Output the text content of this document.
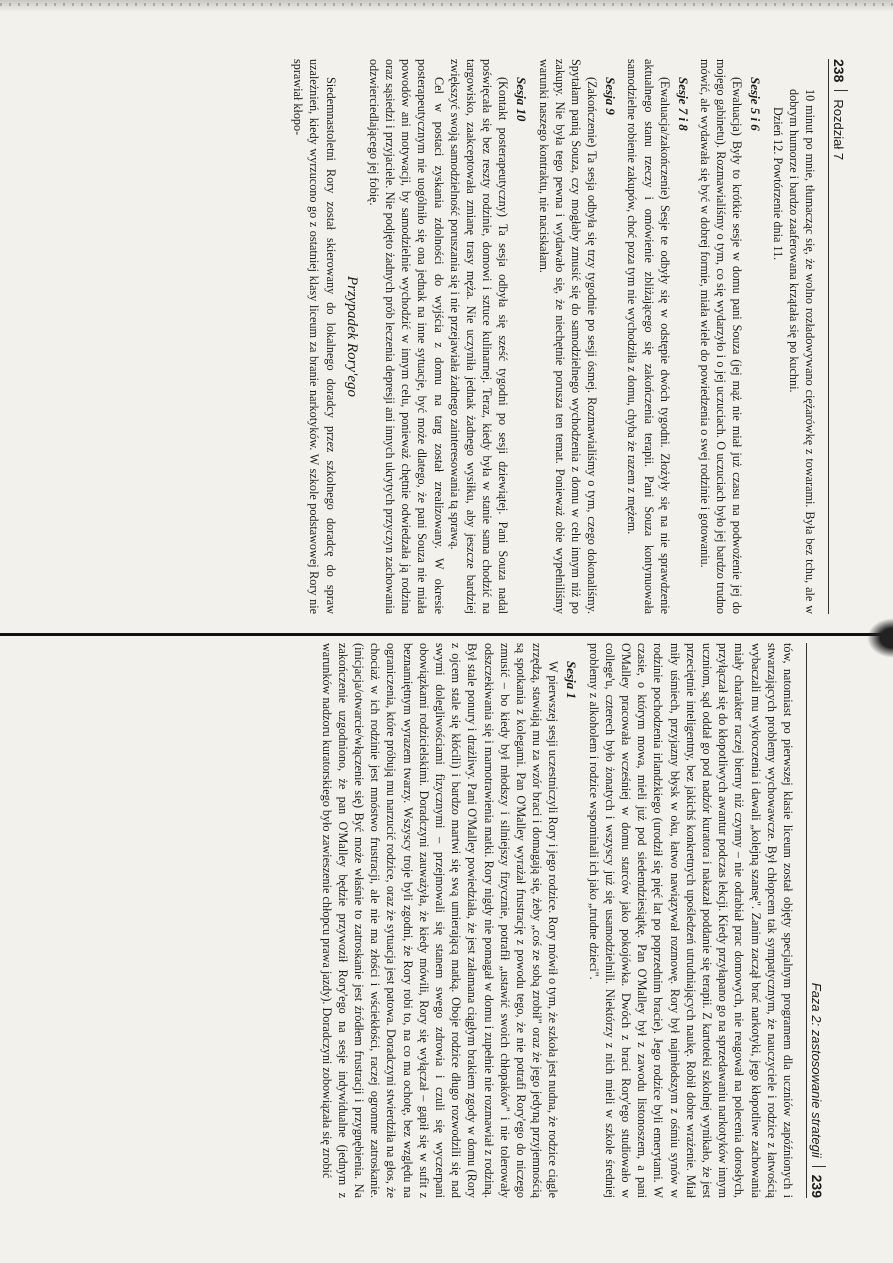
238
Rozdział 7

10 minut po mnie, tłumacząc się, że wolno rozładowywano ciężarówkę z towarami. Była bez tchu, ale w dobrym humorze i bardzo zaaferowana krzątała się po kuchni.

Dzień 12. Powtórzenie dnia 11.

Sesje 5 i 6

(Ewaluacja) Były to krótkie sesje w domu pani Souza (jej mąż nie miał już czasu na podwożenie jej do mojego gabinetu). Rozmawialiśmy o tym, co się wydarzyło i o jej uczuciach. O uczuciach było jej bardzo trudno mówić, ale wydawała się być w dobrej formie, miała wiele do powiedzenia o swej rodzinie i gotowaniu.

Sesje 7 i 8

(Ewaluacja/zakończenie) Sesje te odbyły się w odstępie dwóch tygodni. Złożyły się na nie sprawdzenie aktualnego stanu rzeczy i omówienie zbliżającego się zakończenia terapii. Pani Souza kontynuowała samodzielne robienie zakupów, choć poza tym nie wychodziła z domu, chyba że razem z mężem.

Sesja 9

(Zakończenie) Ta sesja odbyła się trzy tygodnie po sesji ósmej. Rozmawialiśmy o tym, czego dokonaliśmy. Spytałam panią Souza, czy mogłaby zmusić się do samodzielnego wychodzenia z domu w celu innym niż po zakupy. Nie była tego pewna i wydawało się, że niechętnie porusza ten temat. Ponieważ obie wypełniliśmy warunki naszego kontraktu, nie naciskałam.

Sesja 10

(Kontakt posterapeutyczny) Ta sesja odbyła się sześć tygodni po sesji dziewiątej. Pani Souza nadal poświęcała się bez reszty rodzinie, domowi i sztuce kulinarnej. Teraz, kiedy była w stanie sama chodzić na targowisko, zaakceptowała zmianę trasy męża. Nie uczyniła jednak żadnego wysiłku, aby jeszcze bardziej zwiększyć swoją samodzielność poruszania się i nie przejawiała żadnego zainteresowania tą sprawą.

Cel w postaci zyskania zdolności do wyjścia z domu na targ został zrealizowany. W okresie posterapeutycznym nie uogólniło się ona jednak na inne sytuacje, być może dlatego, że pani Souza nie miała powodów ani motywacji, by samodzielnie wychodzić w innym celu, ponieważ chętnie odwiedzała ją rodzina oraz sąsiedzi i przyjaciele. Nie podjęto żadnych prób leczenia depresji ani innych ukrytych przyczyn zachowania odzwierciedlającego jej fobię.

Przypadek Rory'ego

Siedemnastoletni Rory został skierowany do lokalnego doradcy przez szkolnego doradcę do spraw uzależnień, kiedy wyrzucono go z ostatniej klasy liceum za branie narkotyków. W szkole podstawowej Rory nie sprawiał kłopo-

Faza 2: zastosowanie strategii
239

tów, natomiast po pierwszej klasie liceum został objęty specjalnym programem dla uczniów zapóźnionych i stwarzających problemy wychowawcze. Był chłopcem tak sympatycznym, że nauczyciele i rodzice z łatwością wybaczali mu wykroczenia i dawali „kolejną szansę". Zanim zaczął brać narkotyki, jego kłopotliwe zachowania miały charakter raczej bierny niż czynny – nie odrabiał prac domowych, nie reagował na polecenia dorosłych, przyłączał się do kłopotliwych awantur podczas lekcji. Kiedy przyłapano go na sprzedawaniu narkotyków innym uczniom, sąd oddał go pod nadzór kuratora i nakazał poddanie się terapii. Z kartoteki szkolnej wynikało, że jest przeciętnie inteligentny, bez jakichś konkretnych upośledzeń utrudniających naukę. Robił dobre wrażenie. Miał miły uśmiech, przyjazny błysk w oku, łatwo nawiązywał rozmowę. Rory był najmłodszym z ośmiu synów w rodzinie pochodzenia irlandzkiego (urodził się pięć lat po poprzednim bracie). Jego rodzice byli emerytami. W czasie, o którym mowa, mieli już pod siedemdziesiątkę. Pan O'Malley był z zawodu listonoszem, a pani O'Malley pracowała wcześniej w domu starców jako pokojówka. Dwóch z braci Rory'ego studiowało w college'u, czterech było żonatych i wszyscy już się usamodzielnili. Niektórzy z nich mieli w szkole średniej problemy z alkoholem i rodzice wspominali ich jako „trudne dzieci".

Sesja 1

W pierwszej sesji uczestniczyli Rory i jego rodzice. Rory mówił o tym, że szkoła jest nudna, że rodzice ciągle zrzędzą, stawiają mu za wzór braci i domagają się, żeby „coś ze sobą zrobił" oraz że jego jedyną przyjemnością są spotkania z kolegami. Pan O'Malley wyrażał frustrację z powodu tego, że nie potrafi Rory'ego do niczego zmusić – bo kiedy był młodszy i silniejszy fizycznie, potrafił „ustawić swoich chłopaków" i nie tolerowały odszczekiwania się i marnotrawienia matki. Rory nigdy nie pomagał w domu i zupełnie nie rozmawiał z rodziną. Był stale ponury i drażliwy. Pani O'Malley powiedziała, że jest załamana ciągłym brakiem zgody w domu (Rory z ojcem stale się kłócili) i bardzo martwi się swą umierającą matką. Oboje rodzice długo rozwodzili się nad swymi dolegliwościami fizycznymi – przejmowali się stanem swego zdrowia i czuli się wyczerpani obowiązkami rodzicielskimi. Doradczyni zauważyła, że kiedy mówili, Rory się wyłączał – gapił się w sufit z beznamiętnym wyrazem twarzy. Wszyscy troje byli zgodni, że Rory robi to, na co ma ochotę, bez względu na ograniczenia, które próbują mu narzucić rodzice, oraz że sytuacja jest patowa. Doradczyni stwierdziła na głos, że chociaż w ich rodzinie jest mnóstwo frustracji, ale nie ma złości i wściekłości, raczej ogromne zatroskanie. (inicjacja/otwarcie/włączenie się) Być może właśnie to zatroskanie jest źródłem frustracji i przygnębienia. Na zakończenie uzgodniono, że pan O'Malley będzie przywoził Rory'ego na sesje indywidualne (jednym z warunków nadzoru kuratorskiego było zawieszenie chłopcu prawa jazdy). Doradczyni zobowiązała się zrobić
